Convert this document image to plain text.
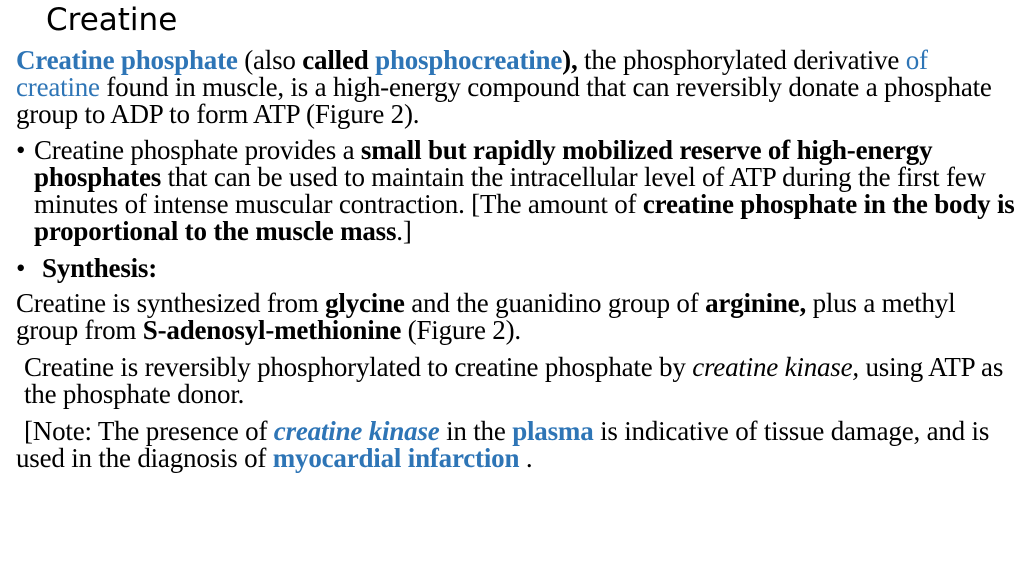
Creatine

Creatine phosphate (also called phosphocreatine), the phosphorylated derivative of creatine found in muscle, is a high-energy compound that can reversibly donate a phosphate group to ADP to form ATP (Figure 2).

• Creatine phosphate provides a small but rapidly mobilized reserve of high-energy phosphates that can be used to maintain the intracellular level of ATP during the first few minutes of intense muscular contraction. [The amount of creatine phosphate in the body is proportional to the muscle mass.]

• Synthesis:

Creatine is synthesized from glycine and the guanidino group of arginine, plus a methyl group from S-adenosyl-methionine (Figure 2).

Creatine is reversibly phosphorylated to creatine phosphate by creatine kinase, using ATP as the phosphate donor.

[Note: The presence of creatine kinase in the plasma is indicative of tissue damage, and is used in the diagnosis of myocardial infarction .
